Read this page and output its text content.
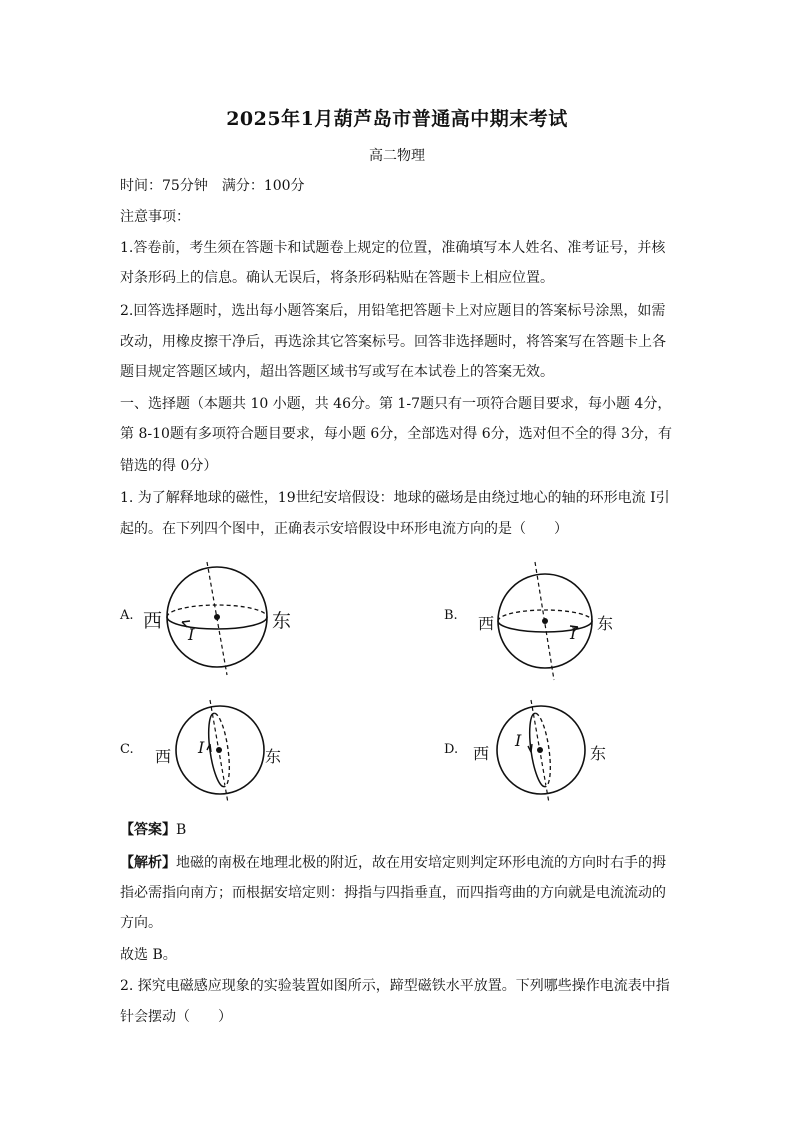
2025年1月葫芦岛市普通高中期末考试
高二物理
时间：75分钟　满分：100分
注意事项：
1.答卷前，考生须在答题卡和试题卷上规定的位置，准确填写本人姓名、准考证号，并核
对条形码上的信息。确认无误后，将条形码粘贴在答题卡上相应位置。
2.回答选择题时，选出每小题答案后，用铅笔把答题卡上对应题目的答案标号涂黑，如需
改动，用橡皮擦干净后，再选涂其它答案标号。回答非选择题时，将答案写在答题卡上各
题目规定答题区域内，超出答题区域书写或写在本试卷上的答案无效。
一、选择题（本题共 10 小题，共 46分。第 1-7题只有一项符合题目要求，每小题 4分，
第 8-10题有多项符合题目要求，每小题 6分，全部选对得 6分，选对但不全的得 3分，有
错选的得 0分）
1. 为了解释地球的磁性，19世纪安培假设：地球的磁场是由绕过地心的轴的环形电流 I引
起的。在下列四个图中，正确表示安培假设中环形电流方向的是（　　）
A. 西	东
I
B. 西	东
I
C. 西	东
I	D. 西	东
I
【答案】B
【解析】地磁的南极在地理北极的附近，故在用安培定则判定环形电流的方向时右手的拇
指必需指向南方；而根据安培定则：拇指与四指垂直，而四指弯曲的方向就是电流流动的
方向。
故选 B。
2. 探究电磁感应现象的实验装置如图所示，蹄型磁铁水平放置。下列哪些操作电流表中指
针会摆动（　　）
